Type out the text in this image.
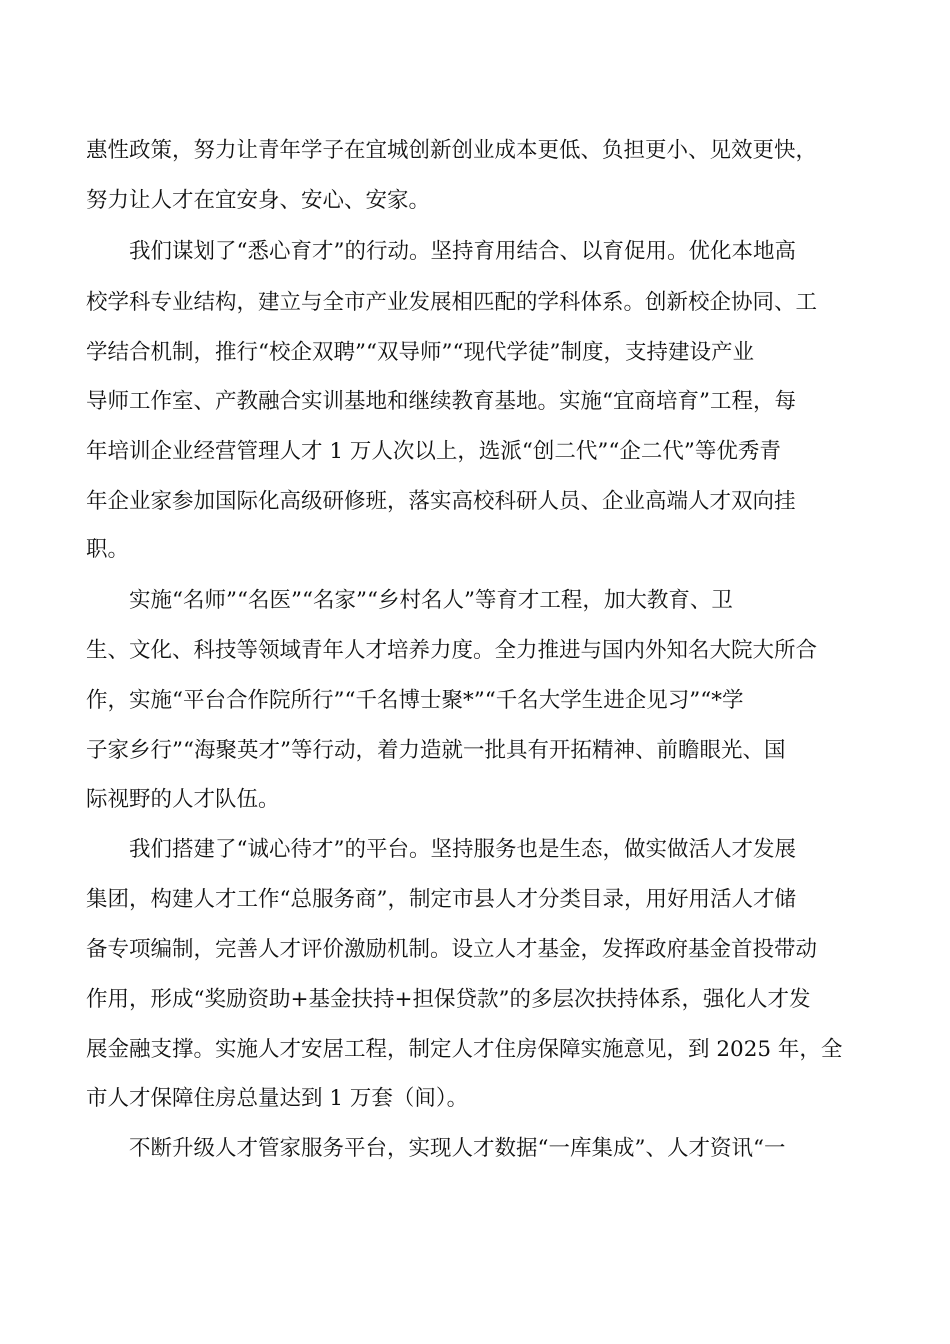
惠性政策，努力让青年学子在宜城创新创业成本更低、负担更小、见效更快，
努力让人才在宜安身、安心、安家。
我们谋划了“悉心育才”的行动。坚持育用结合、以育促用。优化本地高
校学科专业结构，建立与全市产业发展相匹配的学科体系。创新校企协同、工
学结合机制，推行“校企双聘”“双导师”“现代学徒”制度，支持建设产业
导师工作室、产教融合实训基地和继续教育基地。实施“宜商培育”工程，每
年培训企业经营管理人才 1 万人次以上，选派“创二代”“企二代”等优秀青
年企业家参加国际化高级研修班，落实高校科研人员、企业高端人才双向挂
职。
实施“名师”“名医”“名家”“乡村名人”等育才工程，加大教育、卫
生、文化、科技等领域青年人才培养力度。全力推进与国内外知名大院大所合
作，实施“平台合作院所行”“千名博士聚*”“千名大学生进企见习”“*学
子家乡行”“海聚英才”等行动，着力造就一批具有开拓精神、前瞻眼光、国
际视野的人才队伍。
我们搭建了“诚心待才”的平台。坚持服务也是生态，做实做活人才发展
集团，构建人才工作“总服务商”，制定市县人才分类目录，用好用活人才储
备专项编制，完善人才评价激励机制。设立人才基金，发挥政府基金首投带动
作用，形成“奖励资助+基金扶持+担保贷款”的多层次扶持体系，强化人才发
展金融支撑。实施人才安居工程，制定人才住房保障实施意见，到 2025 年，全
市人才保障住房总量达到 1 万套（间）。
不断升级人才管家服务平台，实现人才数据“一库集成”、人才资讯“一
